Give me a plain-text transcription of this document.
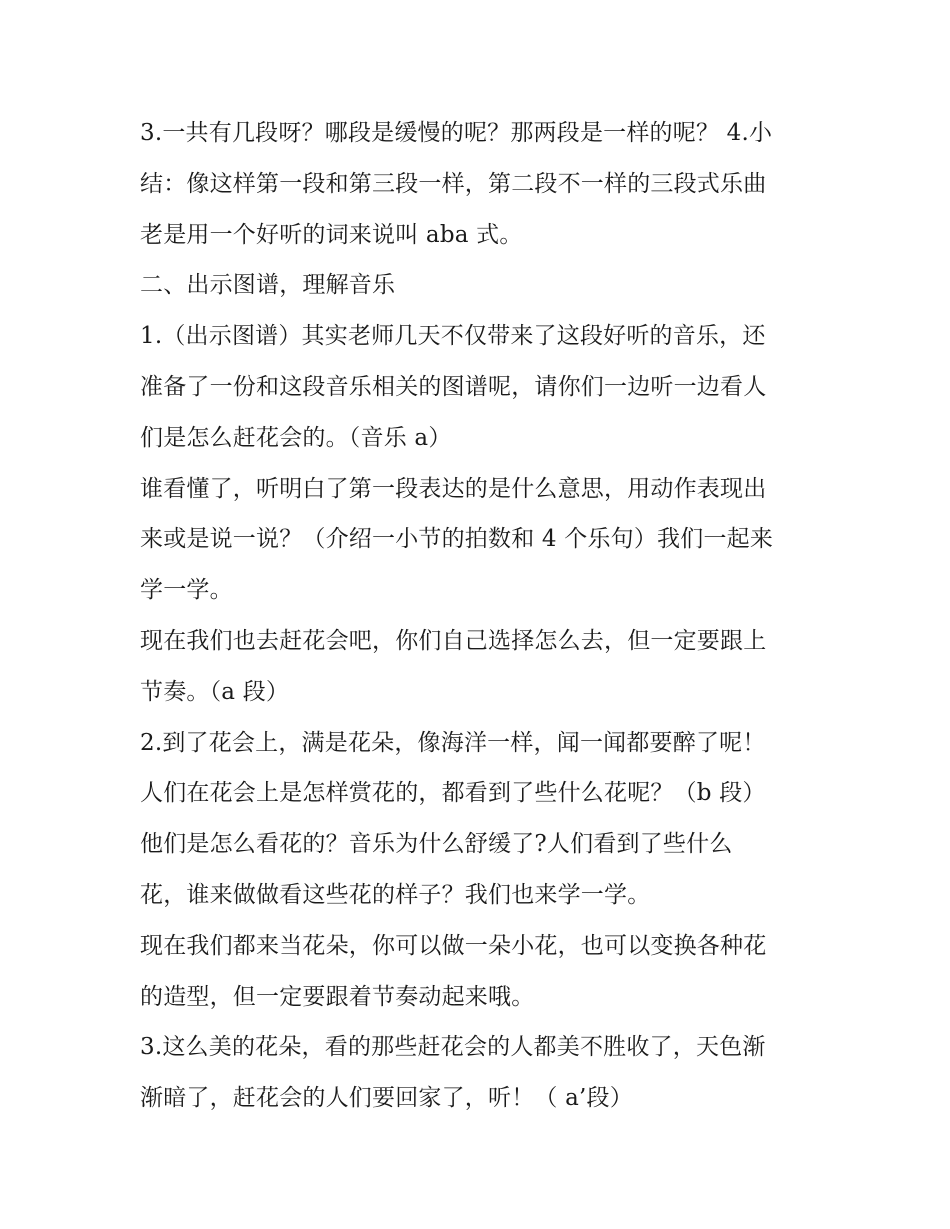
3.一共有几段呀？哪段是缓慢的呢？那两段是一样的呢？ 4.小
结：像这样第一段和第三段一样，第二段不一样的三段式乐曲
老是用一个好听的词来说叫 aba 式。
二、出示图谱，理解音乐
1.（出示图谱）其实老师几天不仅带来了这段好听的音乐，还
准备了一份和这段音乐相关的图谱呢，请你们一边听一边看人
们是怎么赶花会的。（音乐 a）
谁看懂了，听明白了第一段表达的是什么意思，用动作表现出
来或是说一说？（介绍一小节的拍数和 4 个乐句）我们一起来
学一学。
现在我们也去赶花会吧，你们自己选择怎么去，但一定要跟上
节奏。（a 段）
2.到了花会上，满是花朵，像海洋一样，闻一闻都要醉了呢！
人们在花会上是怎样赏花的，都看到了些什么花呢？（b 段）
他们是怎么看花的？音乐为什么舒缓了?人们看到了些什么
花，谁来做做看这些花的样子？我们也来学一学。
现在我们都来当花朵，你可以做一朵小花，也可以变换各种花
的造型，但一定要跟着节奏动起来哦。
3.这么美的花朵，看的那些赶花会的人都美不胜收了，天色渐
渐暗了，赶花会的人们要回家了，听！（ a’段）
